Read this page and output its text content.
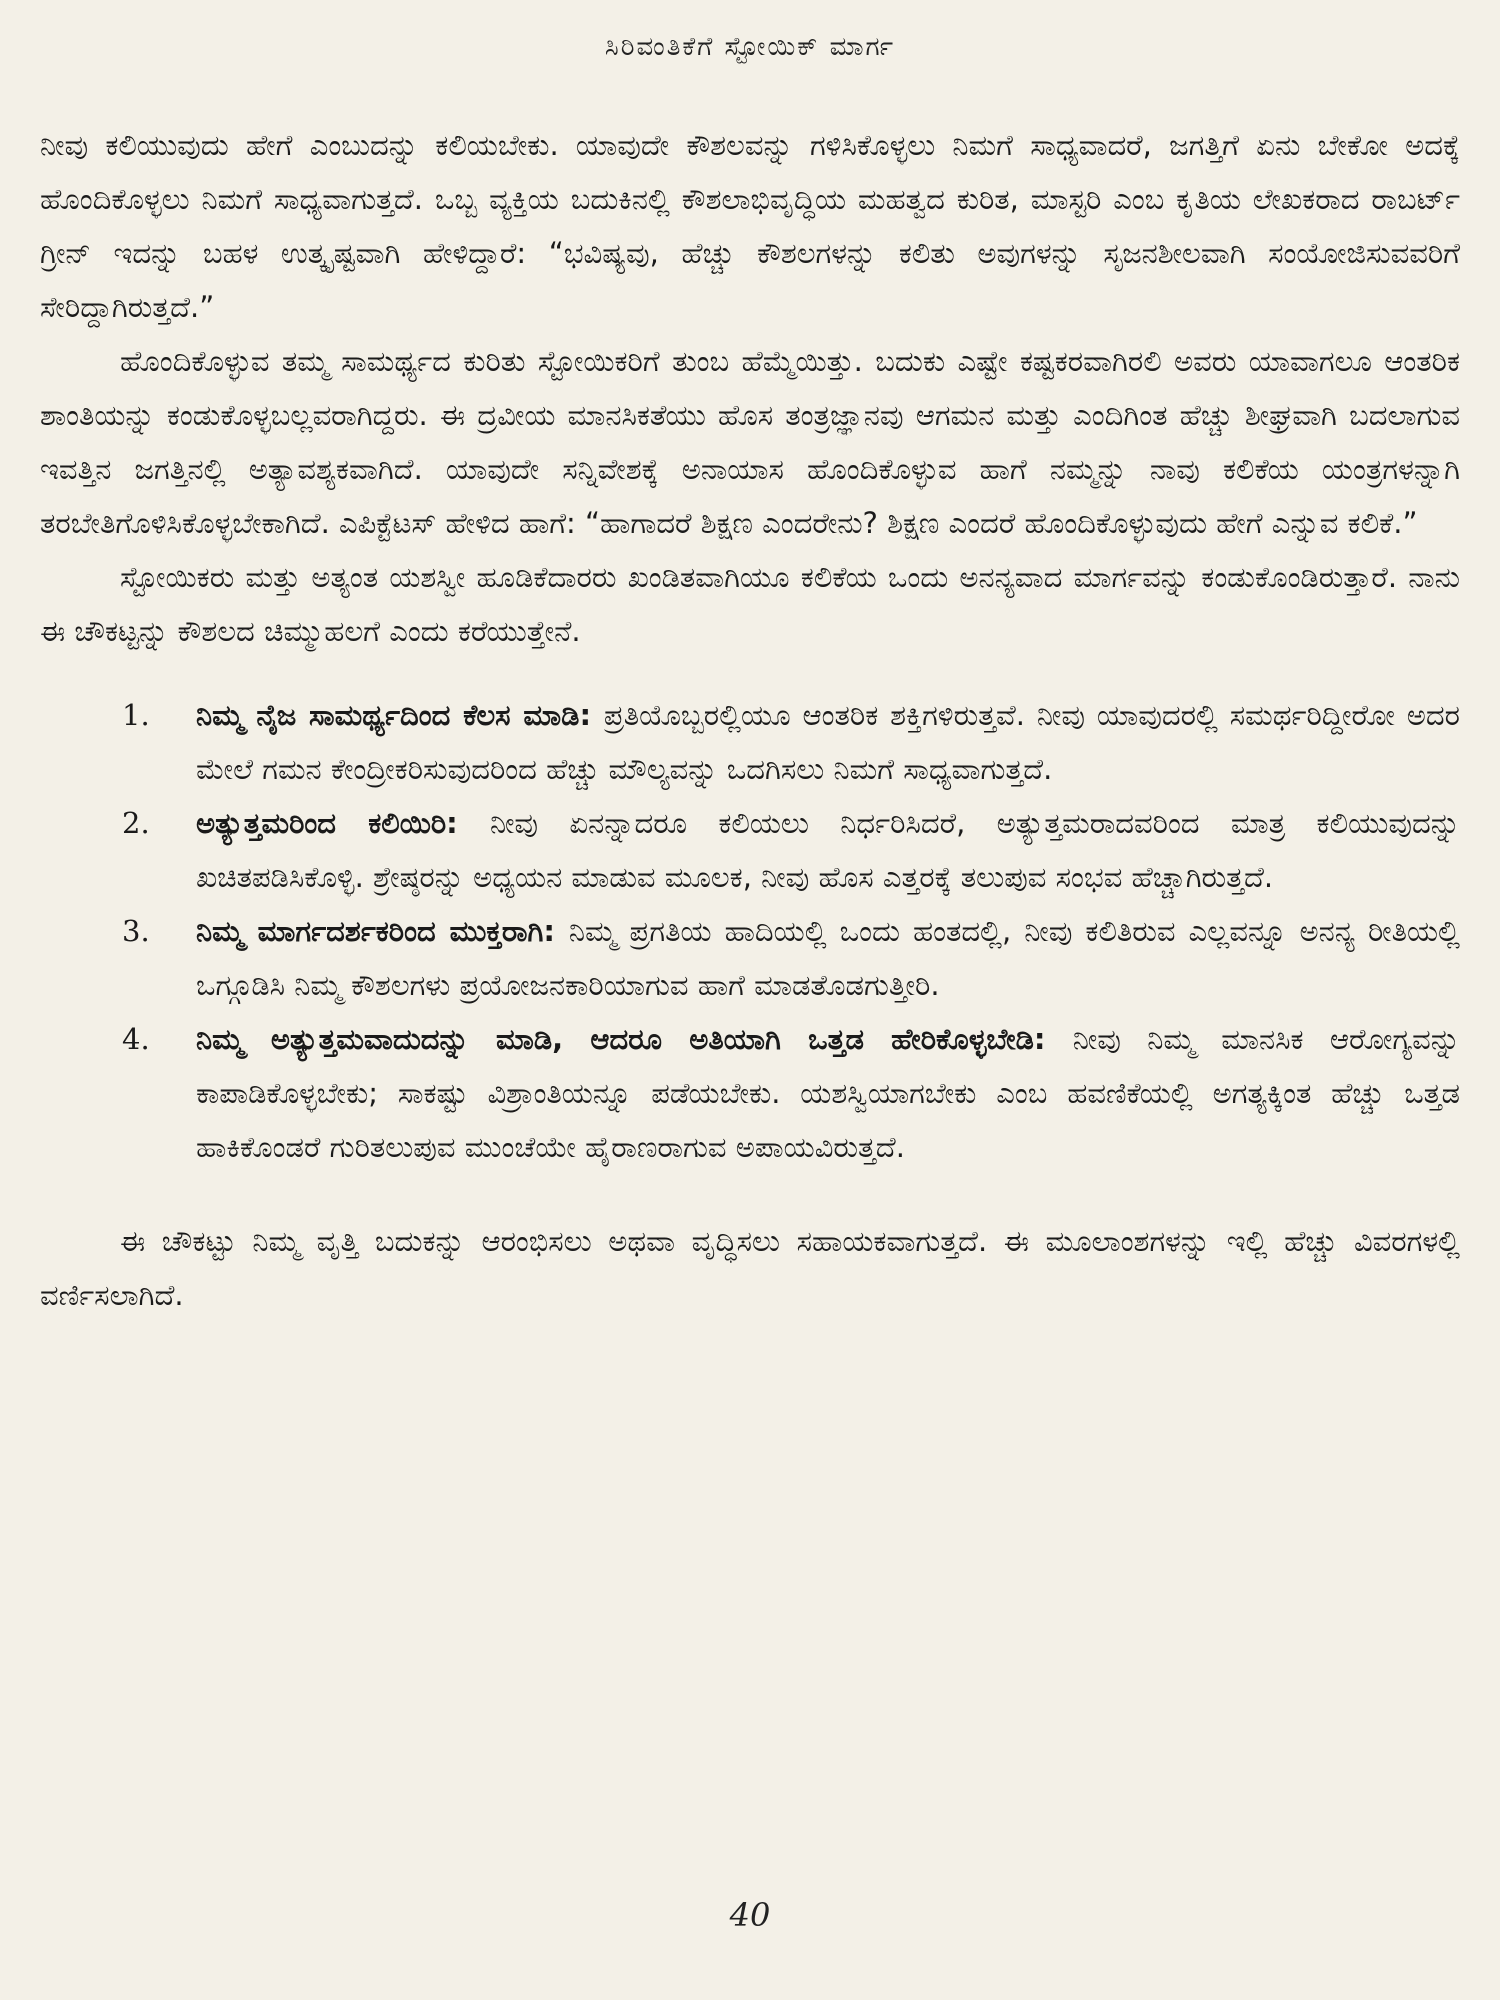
ಸಿರಿವಂತಿಕೆಗೆ ಸ್ಟೋಯಿಕ್ ಮಾರ್ಗ

ನೀವು ಕಲಿಯುವುದು ಹೇಗೆ ಎಂಬುದನ್ನು ಕಲಿಯಬೇಕು. ಯಾವುದೇ ಕೌಶಲವನ್ನು ಗಳಿಸಿಕೊಳ್ಳಲು ನಿಮಗೆ ಸಾಧ್ಯವಾದರೆ, ಜಗತ್ತಿಗೆ ಏನು ಬೇಕೋ ಅದಕ್ಕೆ ಹೊಂದಿಕೊಳ್ಳಲು ನಿಮಗೆ ಸಾಧ್ಯವಾಗುತ್ತದೆ. ಒಬ್ಬ ವ್ಯಕ್ತಿಯ ಬದುಕಿನಲ್ಲಿ ಕೌಶಲಾಭಿವೃದ್ಧಿಯ ಮಹತ್ವದ ಕುರಿತ, ಮಾಸ್ಟರಿ ಎಂಬ ಕೃತಿಯ ಲೇಖಕರಾದ ರಾಬರ್ಟ್ ಗ್ರೀನ್ ಇದನ್ನು ಬಹಳ ಉತ್ಕೃಷ್ಟವಾಗಿ ಹೇಳಿದ್ದಾರೆ: “ಭವಿಷ್ಯವು, ಹೆಚ್ಚು ಕೌಶಲಗಳನ್ನು ಕಲಿತು ಅವುಗಳನ್ನು ಸೃಜನಶೀಲವಾಗಿ ಸಂಯೋಜಿಸುವವರಿಗೆ ಸೇರಿದ್ದಾಗಿರುತ್ತದೆ.”

ಹೊಂದಿಕೊಳ್ಳುವ ತಮ್ಮ ಸಾಮರ್ಥ್ಯದ ಕುರಿತು ಸ್ಟೋಯಿಕರಿಗೆ ತುಂಬ ಹೆಮ್ಮೆಯಿತ್ತು. ಬದುಕು ಎಷ್ಟೇ ಕಷ್ಟಕರವಾಗಿರಲಿ ಅವರು ಯಾವಾಗಲೂ ಆಂತರಿಕ ಶಾಂತಿಯನ್ನು ಕಂಡುಕೊಳ್ಳಬಲ್ಲವರಾಗಿದ್ದರು. ಈ ದ್ರವೀಯ ಮಾನಸಿಕತೆಯು ಹೊಸ ತಂತ್ರಜ್ಞಾನವು ಆಗಮನ ಮತ್ತು ಎಂದಿಗಿಂತ ಹೆಚ್ಚು ಶೀಘ್ರವಾಗಿ ಬದಲಾಗುವ ಇವತ್ತಿನ ಜಗತ್ತಿನಲ್ಲಿ ಅತ್ಯಾವಶ್ಯಕವಾಗಿದೆ. ಯಾವುದೇ ಸನ್ನಿವೇಶಕ್ಕೆ ಅನಾಯಾಸ ಹೊಂದಿಕೊಳ್ಳುವ ಹಾಗೆ ನಮ್ಮನ್ನು ನಾವು ಕಲಿಕೆಯ ಯಂತ್ರಗಳನ್ನಾಗಿ ತರಬೇತಿಗೊಳಿಸಿಕೊಳ್ಳಬೇಕಾಗಿದೆ. ಎಪಿಕ್ಟೆಟಸ್ ಹೇಳಿದ ಹಾಗೆ: “ಹಾಗಾದರೆ ಶಿಕ್ಷಣ ಎಂದರೇನು? ಶಿಕ್ಷಣ ಎಂದರೆ ಹೊಂದಿಕೊಳ್ಳುವುದು ಹೇಗೆ ಎನ್ನುವ ಕಲಿಕೆ.”

ಸ್ಟೋಯಿಕರು ಮತ್ತು ಅತ್ಯಂತ ಯಶಸ್ವೀ ಹೂಡಿಕೆದಾರರು ಖಂಡಿತವಾಗಿಯೂ ಕಲಿಕೆಯ ಒಂದು ಅನನ್ಯವಾದ ಮಾರ್ಗವನ್ನು ಕಂಡುಕೊಂಡಿರುತ್ತಾರೆ. ನಾನು ಈ ಚೌಕಟ್ಟನ್ನು ಕೌಶಲದ ಚಿಮ್ಮುಹಲಗೆ ಎಂದು ಕರೆಯುತ್ತೇನೆ.

1. ನಿಮ್ಮ ನೈಜ ಸಾಮರ್ಥ್ಯದಿಂದ ಕೆಲಸ ಮಾಡಿ: ಪ್ರತಿಯೊಬ್ಬರಲ್ಲಿಯೂ ಆಂತರಿಕ ಶಕ್ತಿಗಳಿರುತ್ತವೆ. ನೀವು ಯಾವುದರಲ್ಲಿ ಸಮರ್ಥರಿದ್ದೀರೋ ಅದರ ಮೇಲೆ ಗಮನ ಕೇಂದ್ರೀಕರಿಸುವುದರಿಂದ ಹೆಚ್ಚು ಮೌಲ್ಯವನ್ನು ಒದಗಿಸಲು ನಿಮಗೆ ಸಾಧ್ಯವಾಗುತ್ತದೆ.
2. ಅತ್ಯುತ್ತಮರಿಂದ ಕಲಿಯಿರಿ: ನೀವು ಏನನ್ನಾದರೂ ಕಲಿಯಲು ನಿರ್ಧರಿಸಿದರೆ, ಅತ್ಯುತ್ತಮರಾದವರಿಂದ ಮಾತ್ರ ಕಲಿಯುವುದನ್ನು ಖಚಿತಪಡಿಸಿಕೊಳ್ಳಿ. ಶ್ರೇಷ್ಠರನ್ನು ಅಧ್ಯಯನ ಮಾಡುವ ಮೂಲಕ, ನೀವು ಹೊಸ ಎತ್ತರಕ್ಕೆ ತಲುಪುವ ಸಂಭವ ಹೆಚ್ಚಾಗಿರುತ್ತದೆ.
3. ನಿಮ್ಮ ಮಾರ್ಗದರ್ಶಕರಿಂದ ಮುಕ್ತರಾಗಿ: ನಿಮ್ಮ ಪ್ರಗತಿಯ ಹಾದಿಯಲ್ಲಿ ಒಂದು ಹಂತದಲ್ಲಿ, ನೀವು ಕಲಿತಿರುವ ಎಲ್ಲವನ್ನೂ ಅನನ್ಯ ರೀತಿಯಲ್ಲಿ ಒಗ್ಗೂಡಿಸಿ ನಿಮ್ಮ ಕೌಶಲಗಳು ಪ್ರಯೋಜನಕಾರಿಯಾಗುವ ಹಾಗೆ ಮಾಡತೊಡಗುತ್ತೀರಿ.
4. ನಿಮ್ಮ ಅತ್ಯುತ್ತಮವಾದುದನ್ನು ಮಾಡಿ, ಆದರೂ ಅತಿಯಾಗಿ ಒತ್ತಡ ಹೇರಿಕೊಳ್ಳಬೇಡಿ: ನೀವು ನಿಮ್ಮ ಮಾನಸಿಕ ಆರೋಗ್ಯವನ್ನು ಕಾಪಾಡಿಕೊಳ್ಳಬೇಕು; ಸಾಕಷ್ಟು ವಿಶ್ರಾಂತಿಯನ್ನೂ ಪಡೆಯಬೇಕು. ಯಶಸ್ವಿಯಾಗಬೇಕು ಎಂಬ ಹವಣಿಕೆಯಲ್ಲಿ ಅಗತ್ಯಕ್ಕಿಂತ ಹೆಚ್ಚು ಒತ್ತಡ ಹಾಕಿಕೊಂಡರೆ ಗುರಿತಲುಪುವ ಮುಂಚೆಯೇ ಹೈರಾಣರಾಗುವ ಅಪಾಯವಿರುತ್ತದೆ.

ಈ ಚೌಕಟ್ಟು ನಿಮ್ಮ ವೃತ್ತಿ ಬದುಕನ್ನು ಆರಂಭಿಸಲು ಅಥವಾ ವೃದ್ಧಿಸಲು ಸಹಾಯಕವಾಗುತ್ತದೆ. ಈ ಮೂಲಾಂಶಗಳನ್ನು ಇಲ್ಲಿ ಹೆಚ್ಚು ವಿವರಗಳಲ್ಲಿ ವರ್ಣಿಸಲಾಗಿದೆ.

40
